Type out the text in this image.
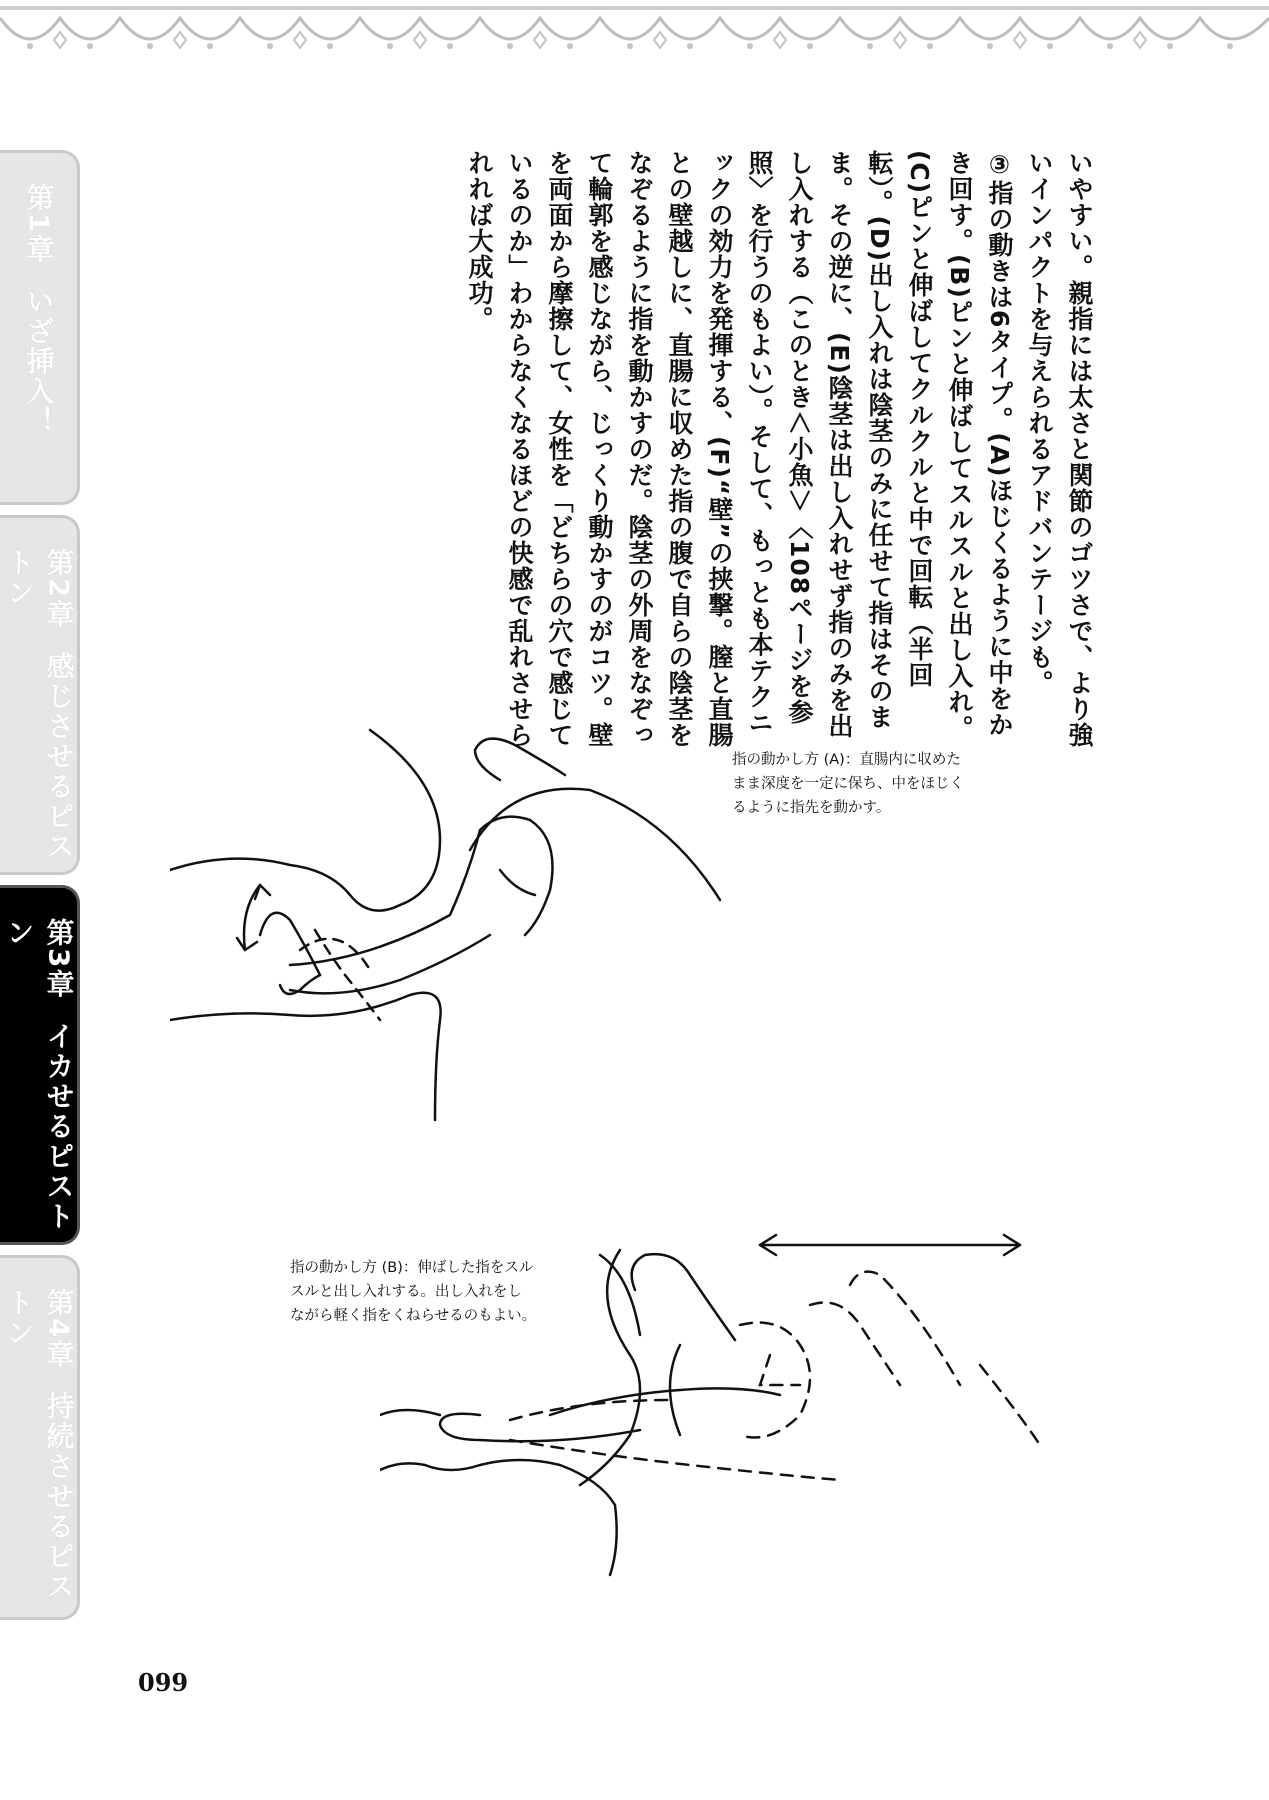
第1章いざ挿入！
第2章感じさせるピストン
第3章イカせるピストン
第4章持続させるピストン

いやすい。親指には太さと関節のゴツさで、より強いインパクトを与えられるアドバンテージも。

③指の動きは6タイプ。(A)ほじくるように中をかき回す。(B)ピンと伸ばしてスルスルと出し入れ。(C)ピンと伸ばしてクルクルと中で回転（半回転）。(D)出し入れは陰茎のみに任せて指はそのまま。その逆に、(E)陰茎は出し入れせず指のみを出し入れする（このとき＜小魚＞〈108ページを参照〉を行うのもよい）。そして、もっとも本テクニックの効力を発揮する、(F)“壁”の挟撃。膣と直腸との壁越しに、直腸に収めた指の腹で自らの陰茎をなぞるように指を動かすのだ。陰茎の外周をなぞって輪郭を感じながら、じっくり動かすのがコツ。壁を両面から摩擦して、女性を「どちらの穴で感じているのか」わからなくなるほどの快感で乱れさせられれば大成功。

指の動かし方 (A)：直腸内に収めた
まま深度を一定に保ち、中をほじく
るように指先を動かす。
指の動かし方 (B)：伸ばした指をスル
スルと出し入れする。出し入れをし
ながら軽く指をくねらせるのもよい。
099
